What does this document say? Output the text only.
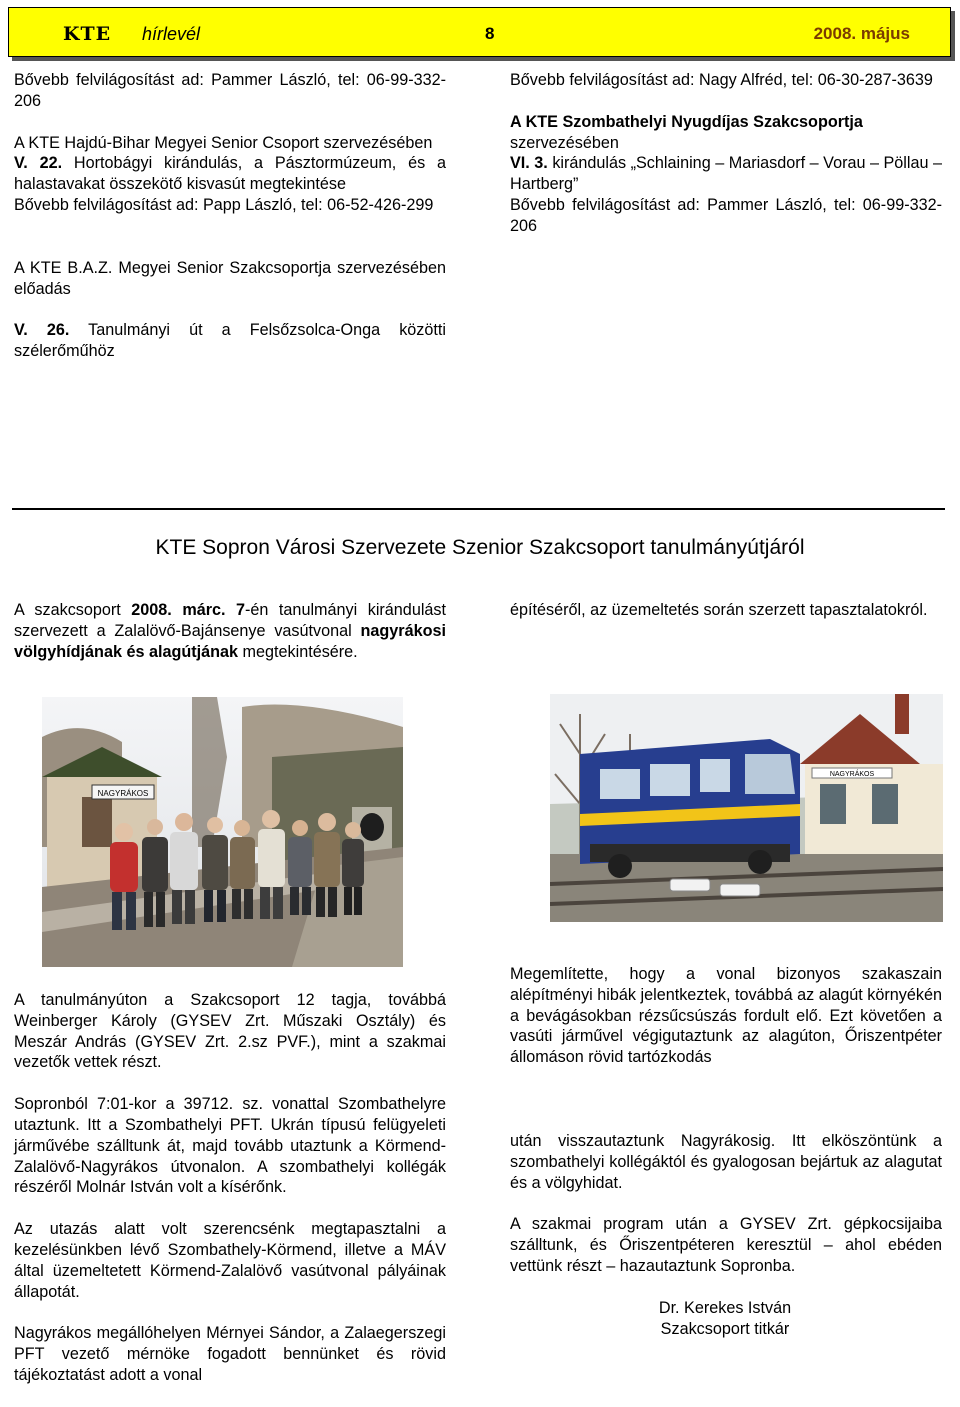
KTE hírlevél	8	2008. május

Bővebb felvilágosítást ad: Pammer László, tel: 06-99-332-206

A KTE Hajdú-Bihar Megyei Senior Csoport szervezésében

V. 22. Hortobágyi kirándulás, a Pásztormúzeum, és a halastavakat összekötő kisvasút megtekintése

Bővebb felvilágosítást ad: Papp László, tel: 06-52-426-299

A KTE B.A.Z. Megyei Senior Szakcsoportja szervezésében előadás

V. 26. Tanulmányi út a Felsőzsolca-Onga közötti szélerőműhöz

Bővebb felvilágosítást ad: Nagy Alfréd, tel: 06-30-287-3639

A KTE Szombathelyi Nyugdíjas Szakcsoportja

szervezésében

VI. 3. kirándulás „Schlaining – Mariasdorf – Vorau – Pöllau – Hartberg”

Bővebb felvilágosítást ad: Pammer László, tel: 06-99-332-206

KTE Sopron Városi Szervezete Szenior Szakcsoport tanulmányútjáról

A szakcsoport 2008. márc. 7-én tanulmányi kirándulást szervezett a Zalalövő-Bajánsenye vasútvonal nagyrákosi völgyhídjának és alagútjának megtekintésére.

építéséről, az üzemeltetés során szerzett tapasztalatokról.

NAGYRÁKOS
NAGYRÁKOS

A tanulmányúton a Szakcsoport 12 tagja, továbbá Weinberger Károly (GYSEV Zrt. Műszaki Osztály) és Meszár András (GYSEV Zrt. 2.sz PVF.), mint a szakmai vezetők vettek részt.

Sopronból 7:01-kor a 39712. sz. vonattal Szombathelyre utaztunk. Itt a Szombathelyi PFT. Ukrán típusú felügyeleti járművébe szálltunk át, majd tovább utaztunk a Körmend-Zalalövő-Nagyrákos útvonalon. A szombathelyi kollégák részéről Molnár István volt a kísérőnk.

Az utazás alatt volt szerencsénk megtapasztalni a kezelésünkben lévő Szombathely-Körmend, illetve a MÁV által üzemeltetett Körmend-Zalalövő vasútvonal pályáinak állapotát.

Nagyrákos megállóhelyen Mérnyei Sándor, a Zalaegerszegi PFT vezető mérnöke fogadott bennünket és rövid tájékoztatást adott a vonal

Megemlítette, hogy a vonal bizonyos szakaszain alépítményi hibák jelentkeztek, továbbá az alagút környékén a bevágásokban rézsűcsúszás fordult elő. Ezt követően a vasúti járművel végigutaztunk az alagúton, Őriszentpéter állomáson rövid tartózkodás

után visszautaztunk Nagyrákosig. Itt elköszöntünk a szombathelyi kollégáktól és gyalogosan bejártuk az alagutat és a völgyhidat.

A szakmai program után a GYSEV Zrt. gépkocsijaiba szálltunk, és Őriszentpéteren keresztül – ahol ebéden vettünk részt – hazautaztunk Sopronba.

Dr. Kerekes István

Szakcsoport titkár
